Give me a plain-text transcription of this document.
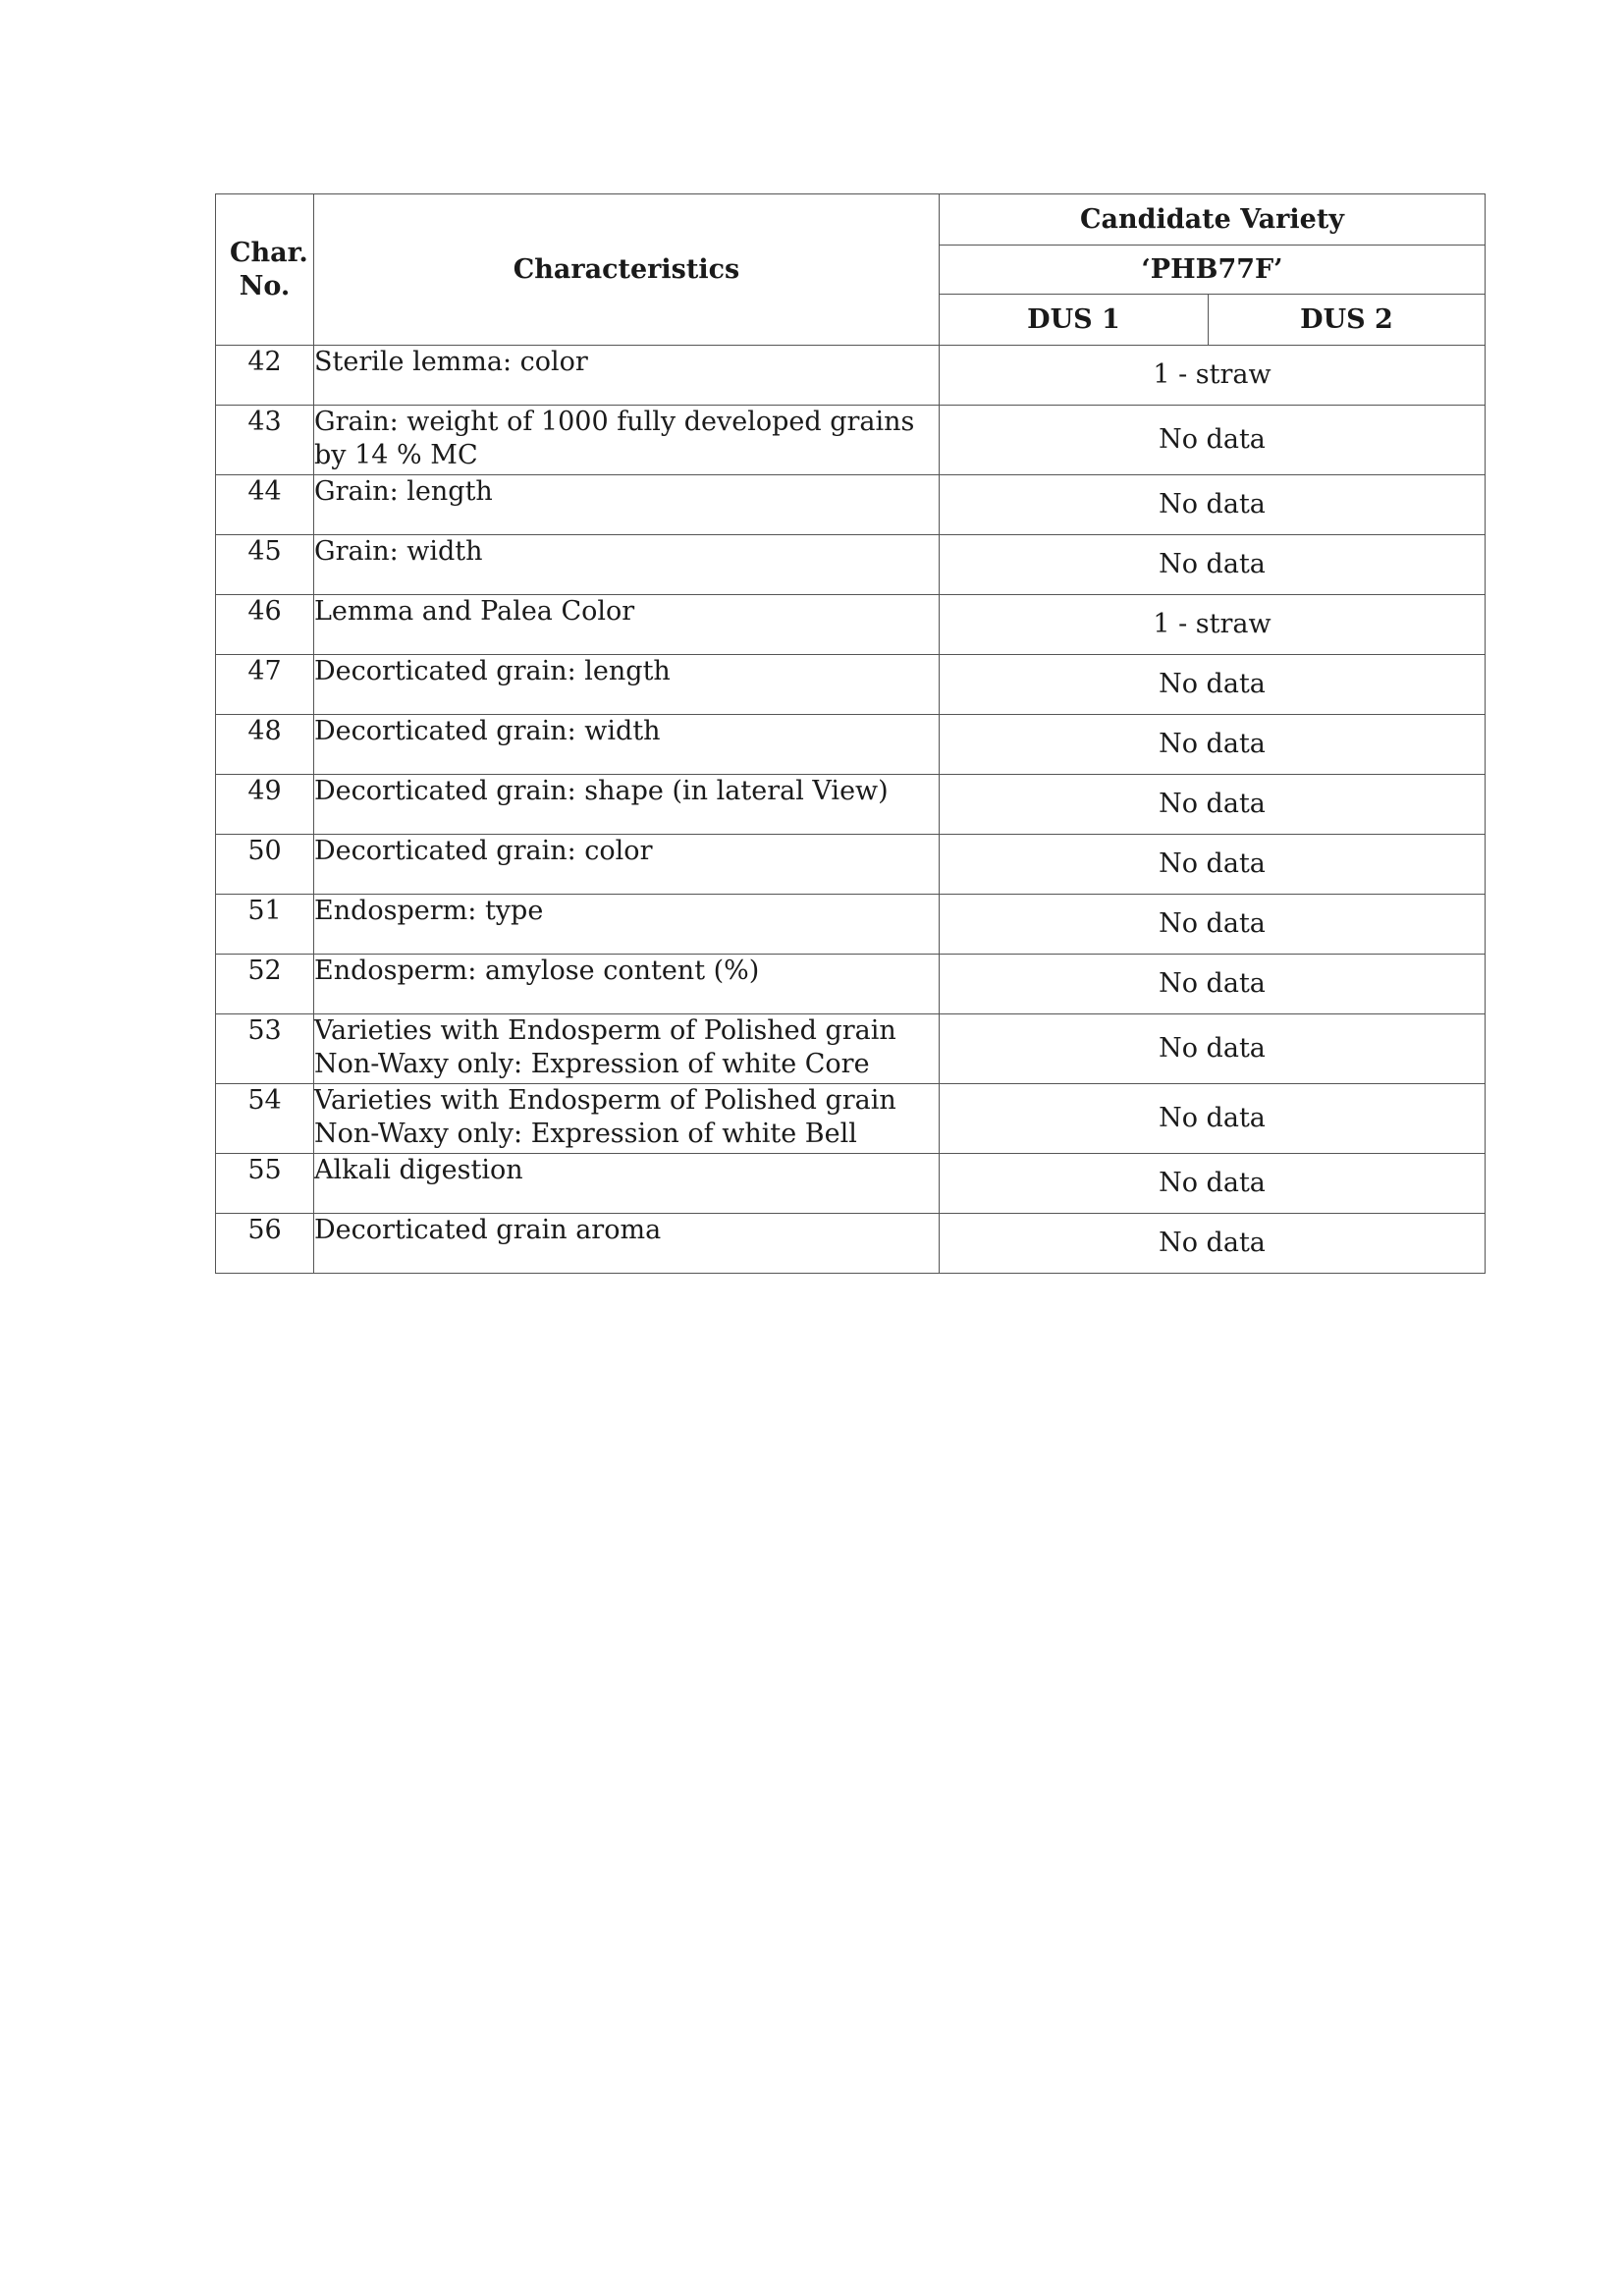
Char. No.	Characteristics	Candidate Variety	
		‘PHB77F’	
		DUS 1	DUS 2
42	Sterile lemma: color	1 - straw	
43	Grain: weight of 1000 fully developed grains by 14 % MC	No data	
44	Grain: length	No data	
45	Grain: width	No data	
46	Lemma and Palea Color	1 - straw	
47	Decorticated grain: length	No data	
48	Decorticated grain: width	No data	
49	Decorticated grain: shape (in lateral View)	No data	
50	Decorticated grain: color	No data	
51	Endosperm: type	No data	
52	Endosperm: amylose content (%)	No data	
53	Varieties with Endosperm of Polished grain Non-Waxy only: Expression of white Core	No data	
54	Varieties with Endosperm of Polished grain Non-Waxy only: Expression of white Bell	No data	
55	Alkali digestion	No data	
56	Decorticated grain aroma	No data	
